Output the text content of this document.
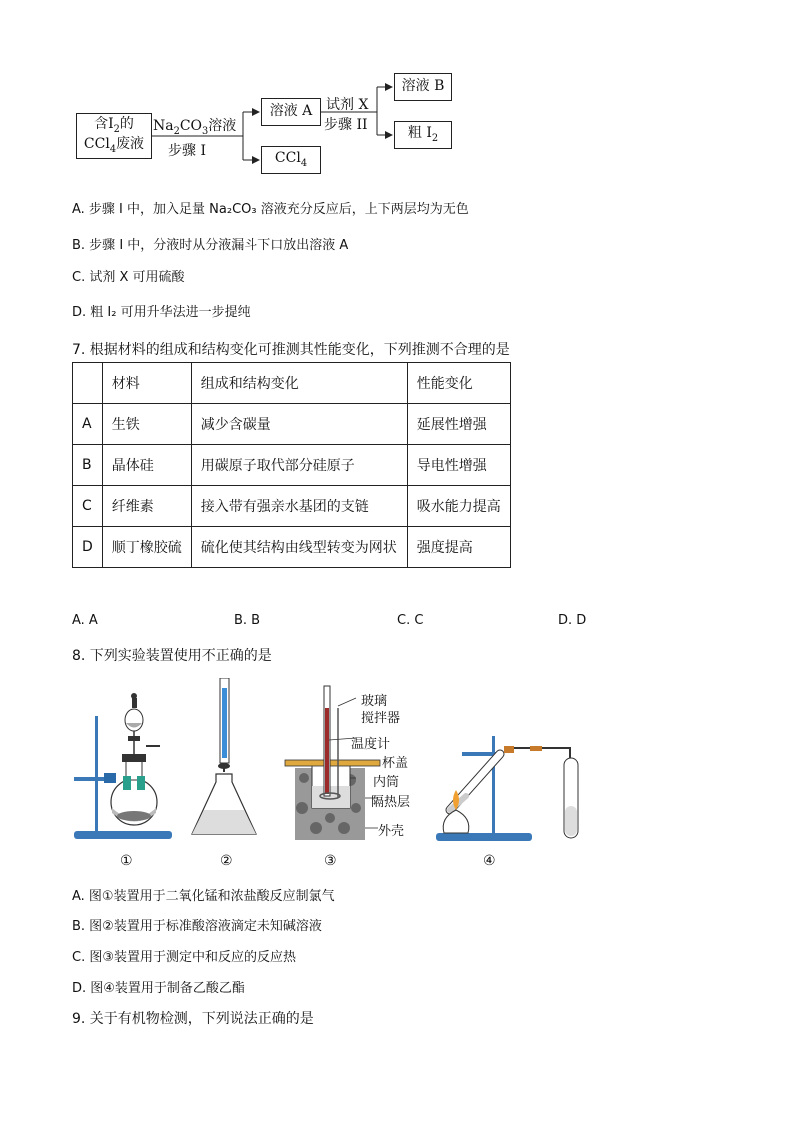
含$I_2$的
CCl$_4$废液
$Na_2CO_3$溶液
步骤 I
溶液 A
CCl$_4$
试剂 X
步骤 II
溶液 B
粗 $I_2$
A. 步骤 I 中，加入足量 Na₂CO₃ 溶液充分反应后，上下两层均为无色
B. 步骤 I 中，分液时从分液漏斗下口放出溶液 A
C. 试剂 X 可用硫酸
D. 粗 I₂ 可用升华法进一步提纯
7. 根据材料的组成和结构变化可推测其性能变化，下列推测不合理的是
	材料	组成和结构变化	性能变化
A	生铁	减少含碳量	延展性增强
B	晶体硅	用碳原子取代部分硅原子	导电性增强
C	纤维素	接入带有强亲水基团的支链	吸水能力提高
D	顺丁橡胶硫	硫化使其结构由线型转变为网状	强度提高
A. A	B. B	C. C	D. D
8. 下列实验装置使用不正确的是
玻璃
搅拌器
温度计
杯盖
内筒
隔热层
外壳
①	②	③	④
A. 图①装置用于二氧化锰和浓盐酸反应制氯气
B. 图②装置用于标准酸溶液滴定未知碱溶液
C. 图③装置用于测定中和反应的反应热
D. 图④装置用于制备乙酸乙酯
9. 关于有机物检测，下列说法正确的是
